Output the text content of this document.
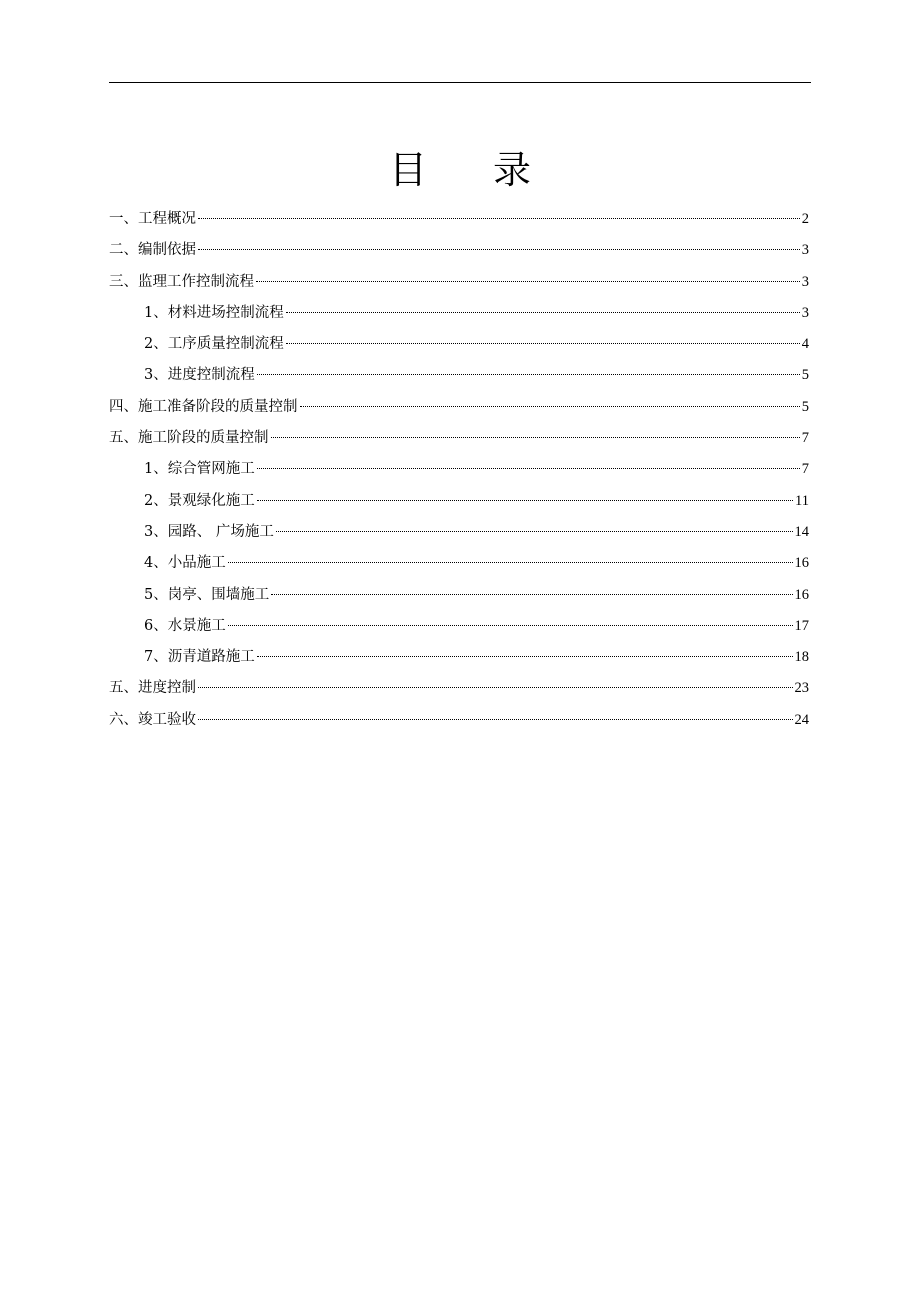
目录
一、工程概况	2
二、编制依据	3
三、监理工作控制流程	3
1、材料进场控制流程	3
2、工序质量控制流程	4
3、进度控制流程	5
四、施工准备阶段的质量控制	5
五、施工阶段的质量控制	7
1、综合管网施工	7
2、景观绿化施工	11
3、园路、 广场施工	14
4、小品施工	16
5、岗亭、围墙施工	16
6、水景施工	17
7、沥青道路施工	18
五、进度控制	23
六、竣工验收	24
